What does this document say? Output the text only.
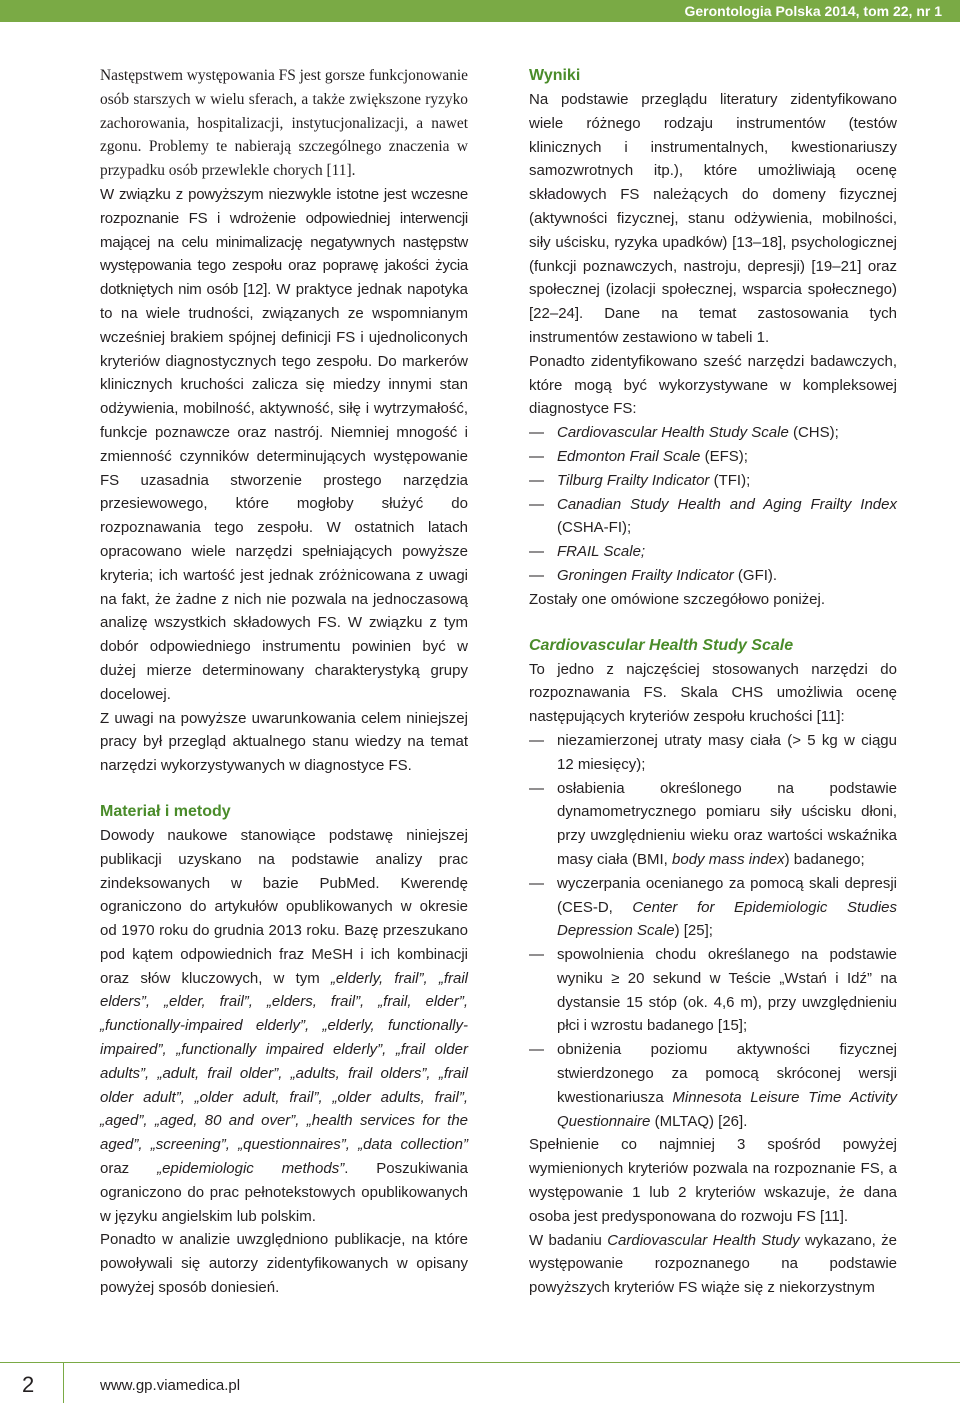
Gerontologia Polska 2014, tom 22, nr 1

Następstwem występowania FS jest gorsze funkcjonowanie osób starszych w wielu sferach, a także zwiększone ryzyko zachorowania, hospitalizacji, instytucjonalizacji, a nawet zgonu. Problemy te nabierają szczególnego znaczenia w przypadku osób przewlekle chorych [11].

W związku z powyższym niezwykle istotne jest wczesne rozpoznanie FS i wdrożenie odpowiedniej interwencji mającej na celu minimalizację negatywnych następstw występowania tego zespołu oraz poprawę jakości życia dotkniętych nim osób [12]. W praktyce jednak napotyka to na wiele trudności, związanych ze wspomnianym wcześniej brakiem spójnej definicji FS i ujednoliconych kryteriów diagnostycznych tego zespołu. Do markerów klinicznych kruchości zalicza się miedzy innymi stan odżywienia, mobilność, aktywność, siłę i wytrzymałość, funkcje poznawcze oraz nastrój. Niemniej mnogość i zmienność czynników determinujących występowanie FS uzasadnia stworzenie prostego narzędzia przesiewowego, które mogłoby służyć do rozpoznawania tego zespołu. W ostatnich latach opracowano wiele narzędzi spełniających powyższe kryteria; ich wartość jest jednak zróżnicowana z uwagi na fakt, że żadne z nich nie pozwala na jednoczasową analizę wszystkich składowych FS. W związku z tym dobór odpowiedniego instrumentu powinien być w dużej mierze determinowany charakterystyką grupy docelowej.

Z uwagi na powyższe uwarunkowania celem niniejszej pracy był przegląd aktualnego stanu wiedzy na temat narzędzi wykorzystywanych w diagnostyce FS.

Materiał i metody

Dowody naukowe stanowiące podstawę niniejszej publikacji uzyskano na podstawie analizy prac zindeksowanych w bazie PubMed. Kwerendę ograniczono do artykułów opublikowanych w okresie od 1970 roku do grudnia 2013 roku. Bazę przeszukano pod kątem odpowiednich fraz MeSH i ich kombinacji oraz słów kluczowych, w tym „elderly, frail”, „frail elders”, „elder, frail”, „elders, frail”, „frail, elder”, „functionally-impaired elderly”, „elderly, functionally-impaired”, „functionally impaired elderly”, „frail older adults”, „adult, frail older”, „adults, frail olders”, „frail older adult”, „older adult, frail”, „older adults, frail”, „aged”, „aged, 80 and over”, „health services for the aged”, „screening”, „questionnaires”, „data collection” oraz „epidemiologic methods”. Poszukiwania ograniczono do prac pełnotekstowych opublikowanych w języku angielskim lub polskim.

Ponadto w analizie uwzględniono publikacje, na które powoływali się autorzy zidentyfikowanych w opisany powyżej sposób doniesień.

Wyniki

Na podstawie przeglądu literatury zidentyfikowano wiele różnego rodzaju instrumentów (testów klinicznych i instrumentalnych, kwestionariuszy samozwrotnych itp.), które umożliwiają ocenę składowych FS należących do domeny fizycznej (aktywności fizycznej, stanu odżywienia, mobilności, siły uścisku, ryzyka upadków) [13–18], psychologicznej (funkcji poznawczych, nastroju, depresji) [19–21] oraz społecznej (izolacji społecznej, wsparcia społecznego) [22–24]. Dane na temat zastosowania tych instrumentów zestawiono w tabeli 1.

Ponadto zidentyfikowano sześć narzędzi badawczych, które mogą być wykorzystywane w kompleksowej diagnostyce FS:

— Cardiovascular Health Study Scale (CHS);
— Edmonton Frail Scale (EFS);
— Tilburg Frailty Indicator (TFI);
— Canadian Study Health and Aging Frailty Index (CSHA-FI);
— FRAIL Scale;
— Groningen Frailty Indicator (GFI).

Zostały one omówione szczegółowo poniżej.

Cardiovascular Health Study Scale

To jedno z najczęściej stosowanych narzędzi do rozpoznawania FS. Skala CHS umożliwia ocenę następujących kryteriów zespołu kruchości [11]:

— niezamierzonej utraty masy ciała (> 5 kg w ciągu 12 miesięcy);
— osłabienia określonego na podstawie dynamometrycznego pomiaru siły uścisku dłoni, przy uwzględnieniu wieku oraz wartości wskaźnika masy ciała (BMI, body mass index) badanego;
— wyczerpania ocenianego za pomocą skali depresji (CES-D, Center for Epidemiologic Studies Depression Scale) [25];
— spowolnienia chodu określanego na podstawie wyniku ≥ 20 sekund w Teście „Wstań i Idź” na dystansie 15 stóp (ok. 4,6 m), przy uwzględnieniu płci i wzrostu badanego [15];
— obniżenia poziomu aktywności fizycznej stwierdzonego za pomocą skróconej wersji kwestionariusza Minnesota Leisure Time Activity Questionnaire (MLTAQ) [26].

Spełnienie co najmniej 3 spośród powyżej wymienionych kryteriów pozwala na rozpoznanie FS, a występowanie 1 lub 2 kryteriów wskazuje, że dana osoba jest predysponowana do rozwoju FS [11].

W badaniu Cardiovascular Health Study wykazano, że występowanie rozpoznanego na podstawie powyższych kryteriów FS wiąże się z niekorzystnym

2	www.gp.viamedica.pl
